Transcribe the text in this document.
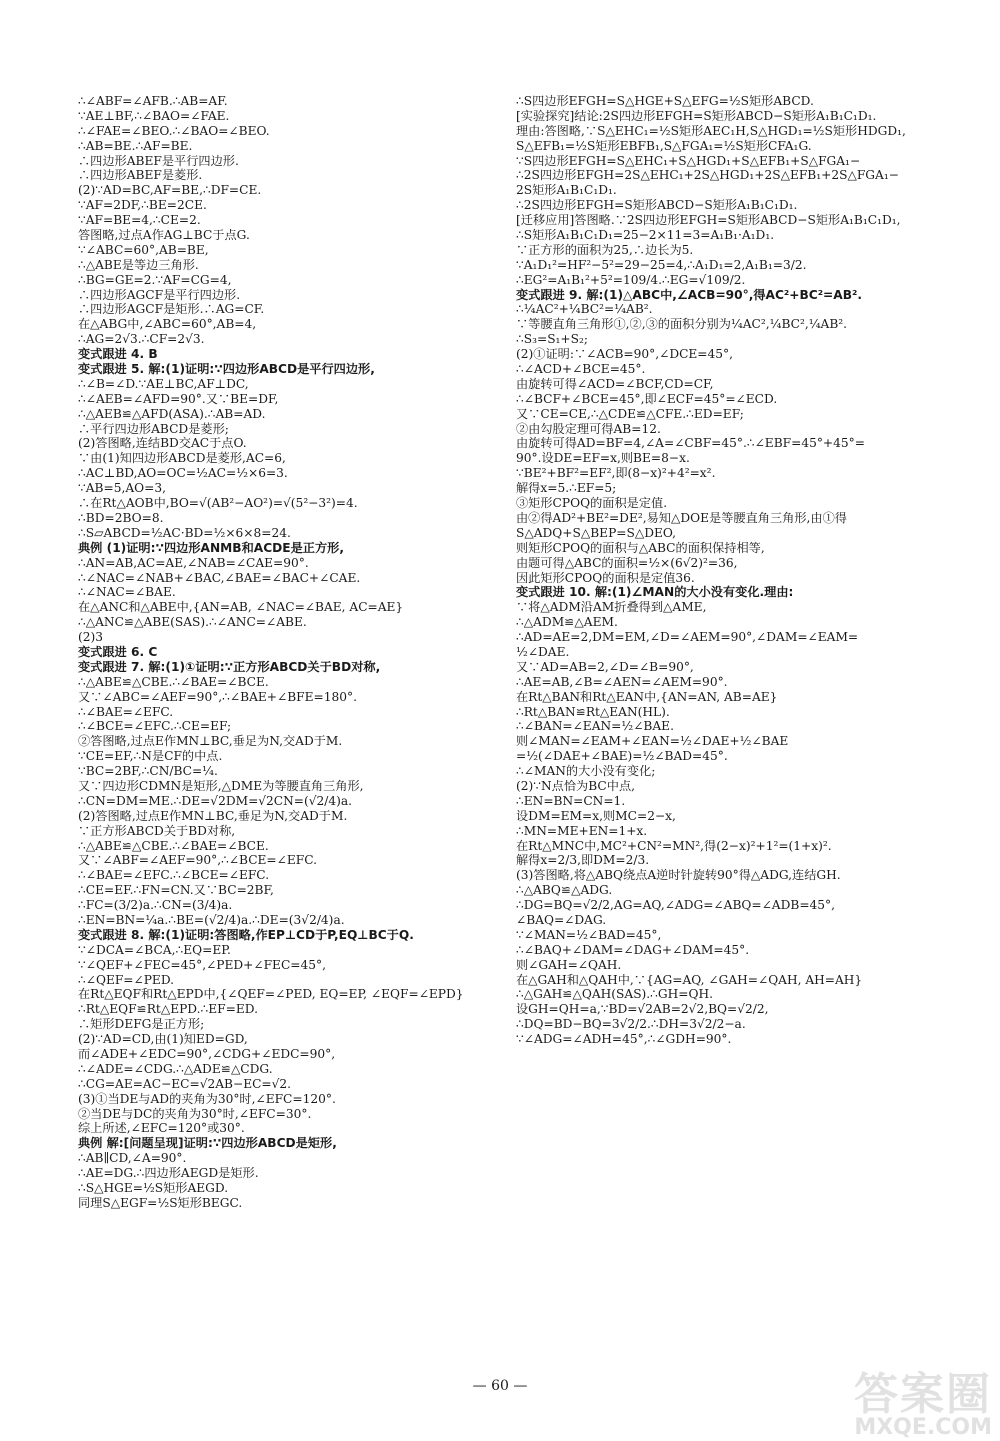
∴∠ABF=∠AFB.∴AB=AF.
∵AE⊥BF,∴∠BAO=∠FAE.
∴∠FAE=∠BEO.∴∠BAO=∠BEO.
∴AB=BE.∴AF=BE.
∴四边形ABEF是平行四边形.
∴四边形ABEF是菱形.
(2)∵AD=BC,AF=BE,∴DF=CE.
∵AF=2DF,∴BE=2CE.
∵AF=BE=4,∴CE=2.
答图略,过点A作AG⊥BC于点G.
∵∠ABC=60°,AB=BE,
∴△ABE是等边三角形.
∴BG=GE=2.∵AF=CG=4,
∴四边形AGCF是平行四边形.
∴四边形AGCF是矩形.∴AG=CF.
在△ABG中,∠ABC=60°,AB=4,
∴AG=2√3.∴CF=2√3.
变式跟进 4. B
变式跟进 5. 解:(1)证明:∵四边形ABCD是平行四边形,
∴∠B=∠D.∵AE⊥BC,AF⊥DC,
∴∠AEB=∠AFD=90°.又∵BE=DF,
∴△AEB≌△AFD(ASA).∴AB=AD.
∴平行四边形ABCD是菱形;
(2)答图略,连结BD交AC于点O.
∵由(1)知四边形ABCD是菱形,AC=6,
∴AC⊥BD,AO=OC=½AC=½×6=3.
∵AB=5,AO=3,
∴在Rt△AOB中,BO=√(AB²−AO²)=√(5²−3²)=4.
∴BD=2BO=8.
∴S▱ABCD=½AC·BD=½×6×8=24.
典例 (1)证明:∵四边形ANMB和ACDE是正方形,
∴AN=AB,AC=AE,∠NAB=∠CAE=90°.
∴∠NAC=∠NAB+∠BAC,∠BAE=∠BAC+∠CAE.
∴∠NAC=∠BAE.
在△ANC和△ABE中,{AN=AB, ∠NAC=∠BAE, AC=AE}
∴△ANC≌△ABE(SAS).∴∠ANC=∠ABE.
(2)3
变式跟进 6. C
变式跟进 7. 解:(1)①证明:∵正方形ABCD关于BD对称,
∴△ABE≌△CBE.∴∠BAE=∠BCE.
又∵∠ABC=∠AEF=90°,∴∠BAE+∠BFE=180°.
∴∠BAE=∠EFC.
∴∠BCE=∠EFC.∴CE=EF;
②答图略,过点E作MN⊥BC,垂足为N,交AD于M.
∵CE=EF,∴N是CF的中点.
∵BC=2BF,∴CN/BC=¼.
又∵四边形CDMN是矩形,△DME为等腰直角三角形,
∴CN=DM=ME.∴DE=√2DM=√2CN=(√2/4)a.
(2)答图略,过点E作MN⊥BC,垂足为N,交AD于M.
∵正方形ABCD关于BD对称,
∴△ABE≌△CBE.∴∠BAE=∠BCE.
又∵∠ABF=∠AEF=90°,∴∠BCE=∠EFC.
∴∠BAE=∠EFC.∴∠BCE=∠EFC.
∴CE=EF.∴FN=CN.又∵BC=2BF,
∴FC=(3/2)a.∴CN=(3/4)a.
∴EN=BN=¼a.∴BE=(√2/4)a.∴DE=(3√2/4)a.
变式跟进 8. 解:(1)证明:答图略,作EP⊥CD于P,EQ⊥BC于Q.
∵∠DCA=∠BCA,∴EQ=EP.
∵∠QEF+∠FEC=45°,∠PED+∠FEC=45°,
∴∠QEF=∠PED.
在Rt△EQF和Rt△EPD中,{∠QEF=∠PED, EQ=EP, ∠EQF=∠EPD}
∴Rt△EQF≌Rt△EPD.∴EF=ED.
∴矩形DEFG是正方形;
(2)∵AD=CD,由(1)知ED=GD,
而∠ADE+∠EDC=90°,∠CDG+∠EDC=90°,
∴∠ADE=∠CDG.∴△ADE≌△CDG.
∴CG=AE=AC−EC=√2AB−EC=√2.
(3)①当DE与AD的夹角为30°时,∠EFC=120°.
②当DE与DC的夹角为30°时,∠EFC=30°.
综上所述,∠EFC=120°或30°.
典例 解:[问题呈现]证明:∵四边形ABCD是矩形,
∴AB∥CD,∠A=90°.
∴AE=DG.∴四边形AEGD是矩形.
∴S△HGE=½S矩形AEGD.
同理S△EGF=½S矩形BEGC.
∴S四边形EFGH=S△HGE+S△EFG=½S矩形ABCD.
[实验探究]结论:2S四边形EFGH=S矩形ABCD−S矩形A₁B₁C₁D₁.
理由:答图略,∵S△EHC₁=½S矩形AEC₁H,S△HGD₁=½S矩形HDGD₁,
S△EFB₁=½S矩形EBFB₁,S△FGA₁=½S矩形CFA₁G.
∵S四边形EFGH=S△EHC₁+S△HGD₁+S△EFB₁+S△FGA₁−
∴2S四边形EFGH=2S△EHC₁+2S△HGD₁+2S△EFB₁+2S△FGA₁−
2S矩形A₁B₁C₁D₁.
∴2S四边形EFGH=S矩形ABCD−S矩形A₁B₁C₁D₁.
[迁移应用]答图略.∵2S四边形EFGH=S矩形ABCD−S矩形A₁B₁C₁D₁,
∴S矩形A₁B₁C₁D₁=25−2×11=3=A₁B₁·A₁D₁.
∵正方形的面积为25,∴边长为5.
∵A₁D₁²=HF²−5²=29−25=4,∴A₁D₁=2,A₁B₁=3/2.
∴EG²=A₁B₁²+5²=109/4.∴EG=√109/2.
变式跟进 9. 解:(1)△ABC中,∠ACB=90°,得AC²+BC²=AB².
∴¼AC²+¼BC²=¼AB².
∵等腰直角三角形①,②,③的面积分别为¼AC²,¼BC²,¼AB².
∴S₃=S₁+S₂;
(2)①证明:∵∠ACB=90°,∠DCE=45°,
∴∠ACD+∠BCE=45°.
由旋转可得∠ACD=∠BCF,CD=CF,
∴∠BCF+∠BCE=45°,即∠ECF=45°=∠ECD.
又∵CE=CE,∴△CDE≌△CFE.∴ED=EF;
②由勾股定理可得AB=12.
由旋转可得AD=BF=4,∠A=∠CBF=45°.∴∠EBF=45°+45°=
90°.设DE=EF=x,则BE=8−x.
∵BE²+BF²=EF²,即(8−x)²+4²=x².
解得x=5.∴EF=5;
③矩形CPOQ的面积是定值.
由②得AD²+BE²=DE²,易知△DOE是等腰直角三角形,由①得
S△ADQ+S△BEP=S△DEO,
则矩形CPOQ的面积与△ABC的面积保持相等,
由题可得△ABC的面积=½×(6√2)²=36,
因此矩形CPOQ的面积是定值36.
变式跟进 10. 解:(1)∠MAN的大小没有变化.理由:
∵将△ADM沿AM折叠得到△AME,
∴△ADM≌△AEM.
∴AD=AE=2,DM=EM,∠D=∠AEM=90°,∠DAM=∠EAM=
½∠DAE.
又∵AD=AB=2,∠D=∠B=90°,
∴AE=AB,∠B=∠AEN=∠AEM=90°.
在Rt△BAN和Rt△EAN中,{AN=AN, AB=AE}
∴Rt△BAN≌Rt△EAN(HL).
∴∠BAN=∠EAN=½∠BAE.
则∠MAN=∠EAM+∠EAN=½∠DAE+½∠BAE
=½(∠DAE+∠BAE)=½∠BAD=45°.
∴∠MAN的大小没有变化;
(2)∵N点恰为BC中点,
∴EN=BN=CN=1.
设DM=EM=x,则MC=2−x,
∴MN=ME+EN=1+x.
在Rt△MNC中,MC²+CN²=MN²,得(2−x)²+1²=(1+x)².
解得x=2/3,即DM=2/3.
(3)答图略,将△ABQ绕点A逆时针旋转90°得△ADG,连结GH.
∴△ABQ≌△ADG.
∴DG=BQ=√2/2,AG=AQ,∠ADG=∠ABQ=∠ADB=45°,
∠BAQ=∠DAG.
∵∠MAN=½∠BAD=45°,
∴∠BAQ+∠DAM=∠DAG+∠DAM=45°.
则∠GAH=∠QAH.
在△GAH和△QAH中,∵{AG=AQ, ∠GAH=∠QAH, AH=AH}
∴△GAH≌△QAH(SAS).∴GH=QH.
设GH=QH=a,∵BD=√2AB=2√2,BQ=√2/2,
∴DQ=BD−BQ=3√2/2.∴DH=3√2/2−a.
∵∠ADG=∠ADH=45°,∴∠GDH=90°.
— 60 —	答案圈
MXQE.COM
